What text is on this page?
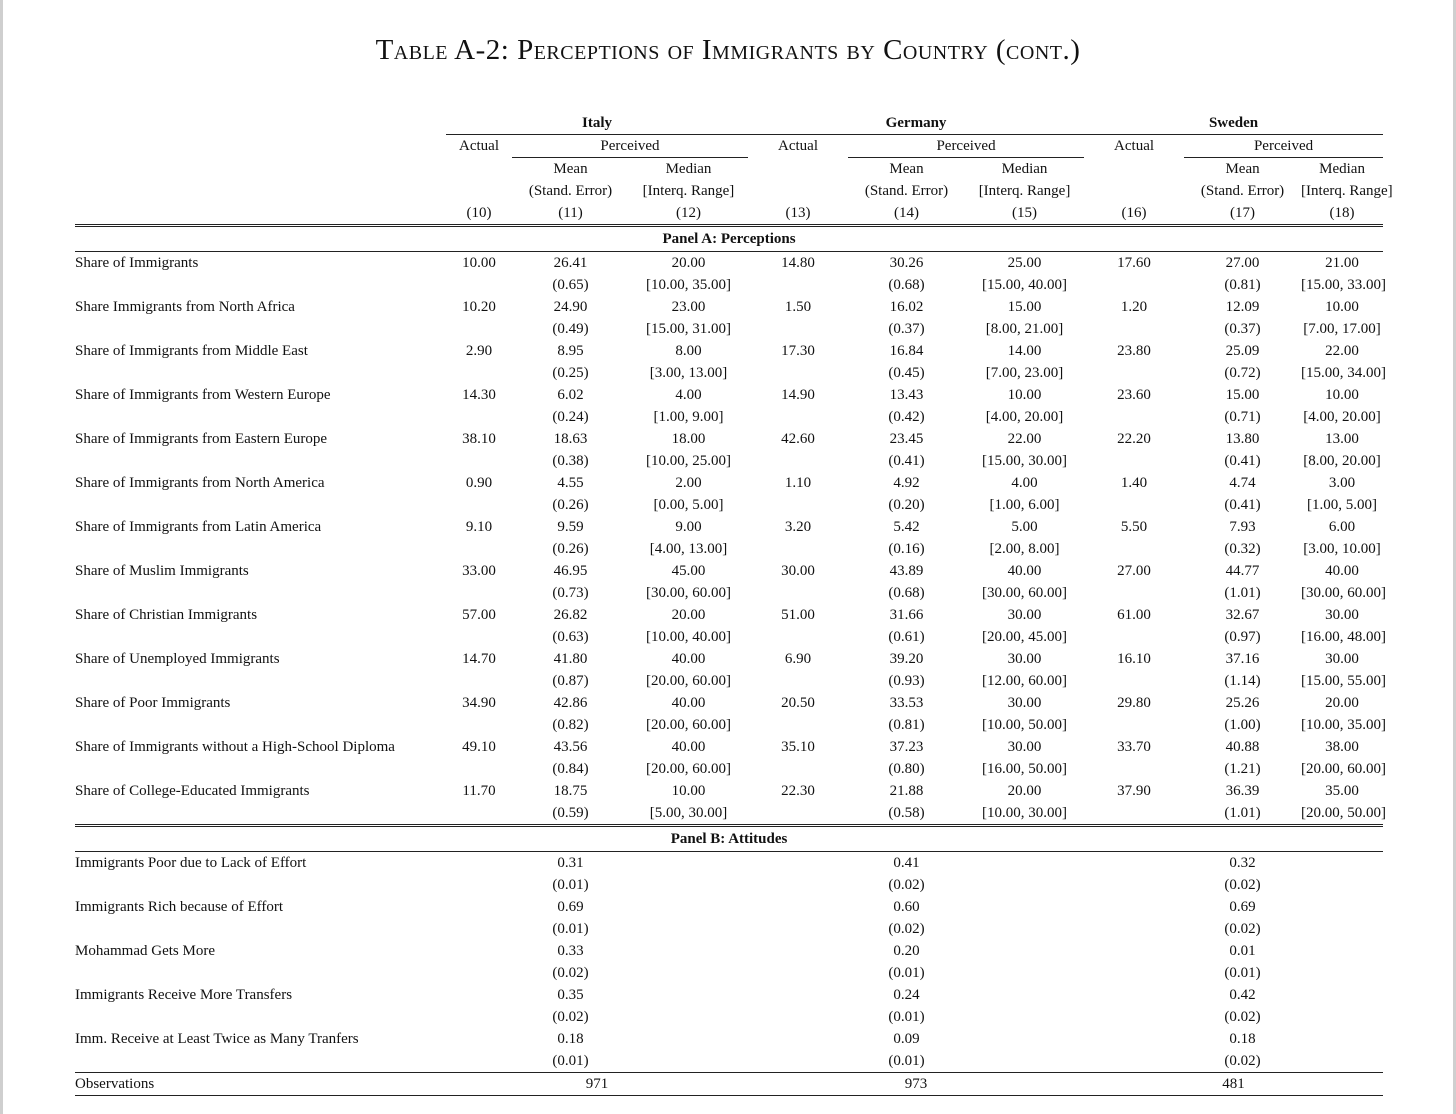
Table A-2: Perceptions of Immigrants by Country (cont.)
	Italy			Germany			Sweden		
	Actual	Perceived		Actual	Perceived		Actual	Perceived	
		Mean	Median		Mean	Median		Mean	Median
		(Stand. Error)	[Interq. Range]		(Stand. Error)	[Interq. Range]		(Stand. Error)	[Interq. Range]
	(10)	(11)	(12)	(13)	(14)	(15)	(16)	(17)	(18)
Panel A: Perceptions									
Share of Immigrants	10.00	26.41	20.00	14.80	30.26	25.00	17.60	27.00	21.00
		(0.65)	[10.00, 35.00]		(0.68)	[15.00, 40.00]		(0.81)	[15.00, 33.00]
Share Immigrants from North Africa	10.20	24.90	23.00	1.50	16.02	15.00	1.20	12.09	10.00
		(0.49)	[15.00, 31.00]		(0.37)	[8.00, 21.00]		(0.37)	[7.00, 17.00]
Share of Immigrants from Middle East	2.90	8.95	8.00	17.30	16.84	14.00	23.80	25.09	22.00
		(0.25)	[3.00, 13.00]		(0.45)	[7.00, 23.00]		(0.72)	[15.00, 34.00]
Share of Immigrants from Western Europe	14.30	6.02	4.00	14.90	13.43	10.00	23.60	15.00	10.00
		(0.24)	[1.00, 9.00]		(0.42)	[4.00, 20.00]		(0.71)	[4.00, 20.00]
Share of Immigrants from Eastern Europe	38.10	18.63	18.00	42.60	23.45	22.00	22.20	13.80	13.00
		(0.38)	[10.00, 25.00]		(0.41)	[15.00, 30.00]		(0.41)	[8.00, 20.00]
Share of Immigrants from North America	0.90	4.55	2.00	1.10	4.92	4.00	1.40	4.74	3.00
		(0.26)	[0.00, 5.00]		(0.20)	[1.00, 6.00]		(0.41)	[1.00, 5.00]
Share of Immigrants from Latin America	9.10	9.59	9.00	3.20	5.42	5.00	5.50	7.93	6.00
		(0.26)	[4.00, 13.00]		(0.16)	[2.00, 8.00]		(0.32)	[3.00, 10.00]
Share of Muslim Immigrants	33.00	46.95	45.00	30.00	43.89	40.00	27.00	44.77	40.00
		(0.73)	[30.00, 60.00]		(0.68)	[30.00, 60.00]		(1.01)	[30.00, 60.00]
Share of Christian Immigrants	57.00	26.82	20.00	51.00	31.66	30.00	61.00	32.67	30.00
		(0.63)	[10.00, 40.00]		(0.61)	[20.00, 45.00]		(0.97)	[16.00, 48.00]
Share of Unemployed Immigrants	14.70	41.80	40.00	6.90	39.20	30.00	16.10	37.16	30.00
		(0.87)	[20.00, 60.00]		(0.93)	[12.00, 60.00]		(1.14)	[15.00, 55.00]
Share of Poor Immigrants	34.90	42.86	40.00	20.50	33.53	30.00	29.80	25.26	20.00
		(0.82)	[20.00, 60.00]		(0.81)	[10.00, 50.00]		(1.00)	[10.00, 35.00]
Share of Immigrants without a High-School Diploma	49.10	43.56	40.00	35.10	37.23	30.00	33.70	40.88	38.00
		(0.84)	[20.00, 60.00]		(0.80)	[16.00, 50.00]		(1.21)	[20.00, 60.00]
Share of College-Educated Immigrants	11.70	18.75	10.00	22.30	21.88	20.00	37.90	36.39	35.00
		(0.59)	[5.00, 30.00]		(0.58)	[10.00, 30.00]		(1.01)	[20.00, 50.00]
Panel B: Attitudes									
Immigrants Poor due to Lack of Effort		0.31			0.41			0.32	
		(0.01)			(0.02)			(0.02)	
Immigrants Rich because of Effort		0.69			0.60			0.69	
		(0.01)			(0.02)			(0.02)	
Mohammad Gets More		0.33			0.20			0.01	
		(0.02)			(0.01)			(0.01)	
Immigrants Receive More Transfers		0.35			0.24			0.42	
		(0.02)			(0.01)			(0.02)	
Imm. Receive at Least Twice as Many Tranfers		0.18			0.09			0.18	
		(0.01)			(0.01)			(0.02)	
Observations	971			973			481		
